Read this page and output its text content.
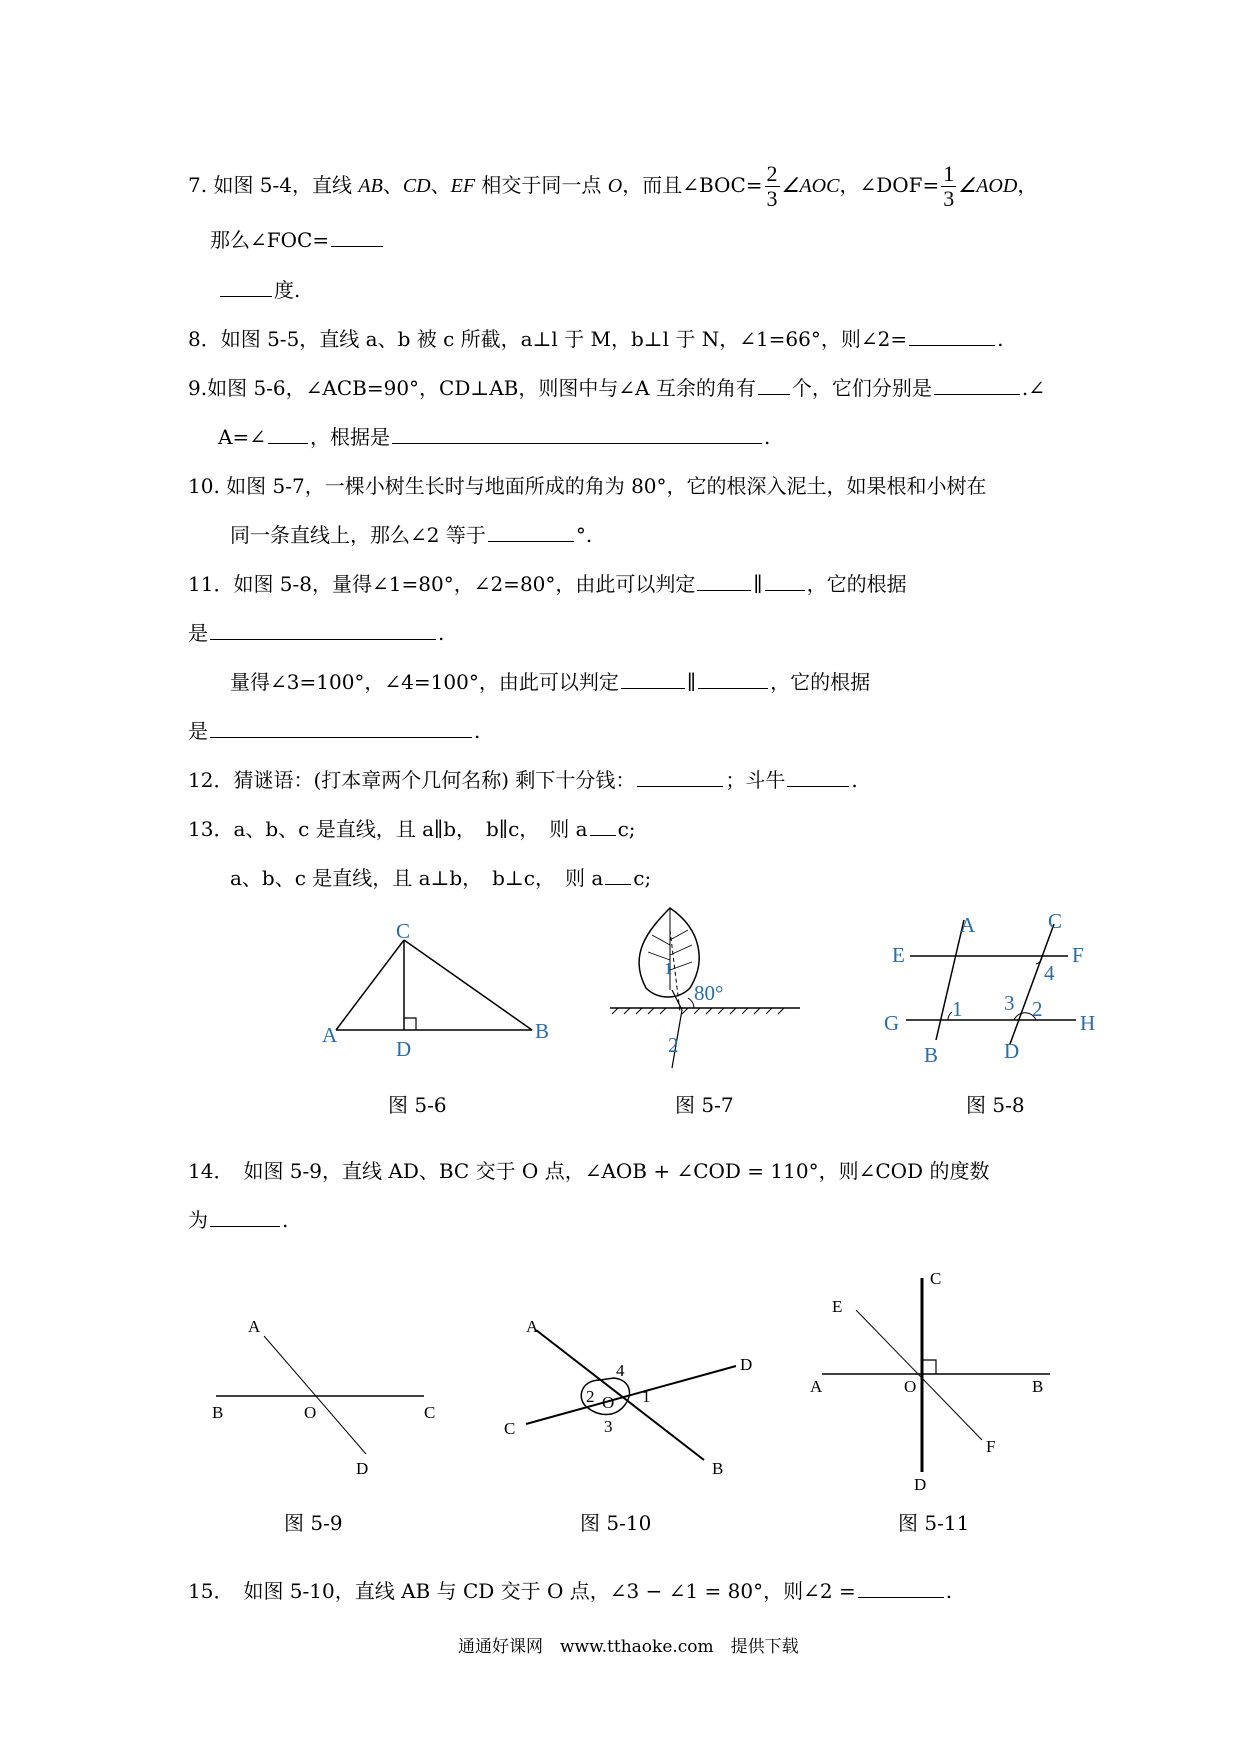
7. 如图 5-4，直线 AB、CD、EF 相交于同一点 O，而且∠BOC= $\frac{2}{3}$ ∠AOC，∠DOF= $\frac{1}{3}$ ∠AOD，
那么∠FOC=
度.
8．如图 5-5，直线 a、b 被 c 所截，a⊥l 于 M，b⊥l 于 N，∠1=66°，则∠2=	.
9.如图 5-6，∠ACB=90°，CD⊥AB，则图中与∠A 互余的角有 个，它们分别是	.∠
A=∠ ，根据是	.
10. 如图 5-7，一棵小树生长时与地面所成的角为 80°，它的根深入泥土，如果根和小树在
同一条直线上，那么∠2 等于	°.
11．如图 5-8，量得∠1=80°，∠2=80°，由此可以判定	∥ ，它的根据
是	.
量得∠3=100°，∠4=100°，由此可以判定	∥	，它的根据
是	.
12．猜谜语：(打本章两个几何名称) 剩下十分钱：	；斗牛	.
13．a、b、c 是直线，且 a∥b，　b∥c，　则 a c;
a、b、c 是直线，且 a⊥b，　b⊥c，　则 a c;
C
A	B
D
图 5-6
80°
1
2
图 5-7
A	C
E	F
G	H
B	D
1	2
3
4
图 5-8
14．　如图 5-9，直线 AD、BC 交于 O 点，∠AOB + ∠COD = 110°，则∠COD 的度数
为	.
A
B	C
D
O
图 5-9
A
D
C
B
4
2 O 1
3
图 5-10
C
E
A	O	B
F
D
图 5-11
15．　如图 5-10，直线 AB 与 CD 交于 O 点，∠3 − ∠1 = 80°，则∠2 =	.
通通好课网　www.tthaoke.com　提供下载
